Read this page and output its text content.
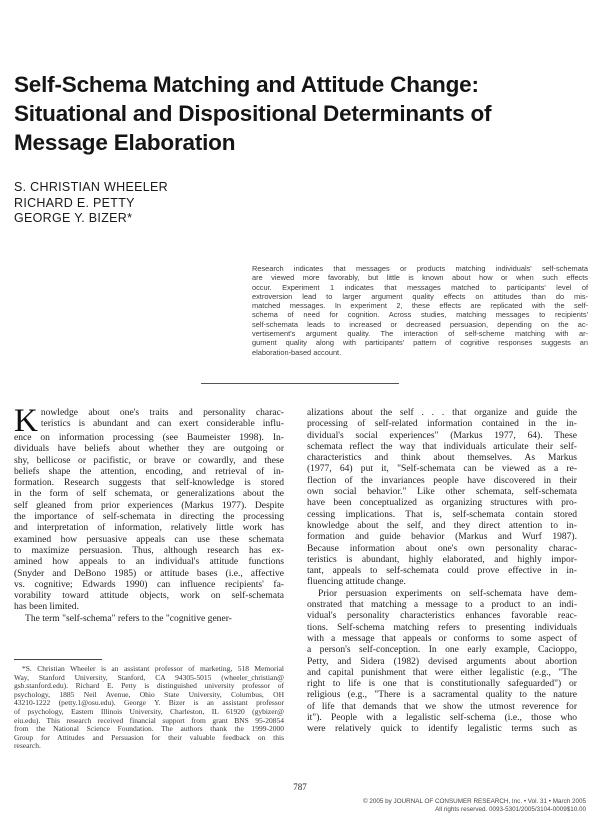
Self-Schema Matching and Attitude Change:
Situational and Dispositional Determinants of
Message Elaboration
S. CHRISTIAN WHEELER
RICHARD E. PETTY
GEORGE Y. BIZER*
Research indicates that messages or products matching individuals' self-schemata
are viewed more favorably, but little is known about how or when such effects
occur. Experiment 1 indicates that messages matched to participants' level of
extroversion lead to larger argument quality effects on attitudes than do mis-
matched messages. In experiment 2, these effects are replicated with the self-
schema of need for cognition. Across studies, matching messages to recipients'
self-schemata leads to increased or decreased persuasion, depending on the ac-
vertisement's argument quality. The interaction of self-scheme matching with ar-
gument quality along with participants' pattern of cognitive responses suggests an
elaboration-based account.
K nowledge about one's traits and personality charac-
teristics is abundant and can exert considerable influ-
ence on information processing (see Baumeister 1998). In-
dividuals have beliefs about whether they are outgoing or
shy, bellicose or pacifistic, or brave or cowardly, and these
beliefs shape the attention, encoding, and retrieval of in-
formation. Research suggests that self-knowledge is stored
in the form of self schemata, or generalizations about the
self gleaned from prior experiences (Markus 1977). Despite
the importance of self-schemata in directing the processing
and interpretation of information, relatively little work has
examined how persuasive appeals can use these schemata
to maximize persuasion. Thus, although research has ex-
amined how appeals to an individual's attitude functions
(Snyder and DeBono 1985) or attitude bases (i.e., affective
vs. cognitive; Edwards 1990) can influence recipients' fa-
vorability toward attitude objects, work on self-schemata
has been limited.
The term "self-schema" refers to the "cognitive gener-
*S. Christian Wheeler is an assistant professor of marketing, 518 Memorial
Way, Stanford University, Stanford, CA 94305-5015 (wheeler_christian@
gsb.stanford.edu). Richard E. Petty is distinguished university professor of
psychology, 1885 Neil Avenue, Ohio State University, Columbus, OH
43210-1222 (petty.1@osu.edu). George Y. Bizer is an assistant professor
of psychology, Eastern Illinois University, Charleston, IL 61920 (gybizer@
eiu.edu). This research received financial support from grant BNS 95-20854
from the National Science Foundation. The authors thank the 1999-2000
Group for Attitudes and Persuasion for their valuable feedback on this
research.
alizations about the self . . . that organize and guide the
processing of self-related information contained in the in-
dividual's social experiences" (Markus 1977, 64). These
schemata reflect the way that individuals articulate their self-
characteristics and think about themselves. As Markus
(1977, 64) put it, "Self-schemata can be viewed as a re-
flection of the invariances people have discovered in their
own social behavior." Like other schemata, self-schemata
have been conceptualized as organizing structures with pro-
cessing implications. That is, self-schemata contain stored
knowledge about the self, and they direct attention to in-
formation and guide behavior (Markus and Wurf 1987).
Because information about one's own personality charac-
teristics is abundant, highly elaborated, and highly impor-
tant, appeals to self-schemata could prove effective in in-
fluencing attitude change.
Prior persuasion experiments on self-schemata have dem-
onstrated that matching a message to a product to an indi-
vidual's personality characteristics enhances favorable reac-
tions. Self-schema matching refers to presenting individuals
with a message that appeals or conforms to some aspect of
a person's self-conception. In one early example, Cacioppo,
Petty, and Sidera (1982) devised arguments about abortion
and capital punishment that were either legalistic (e.g., "The
right to life is one that is constitutionally safeguarded") or
religious (e.g., "There is a sacramental quality to the nature
of life that demands that we show the utmost reverence for
it"). People with a legalistic self-schema (i.e., those who
were relatively quick to identify legalistic terms such as
787
© 2005 by JOURNAL OF CONSUMER RESEARCH, Inc. • Vol. 31 • March 2005
All rights reserved. 0093-5301/2005/3104-0009$10.00
